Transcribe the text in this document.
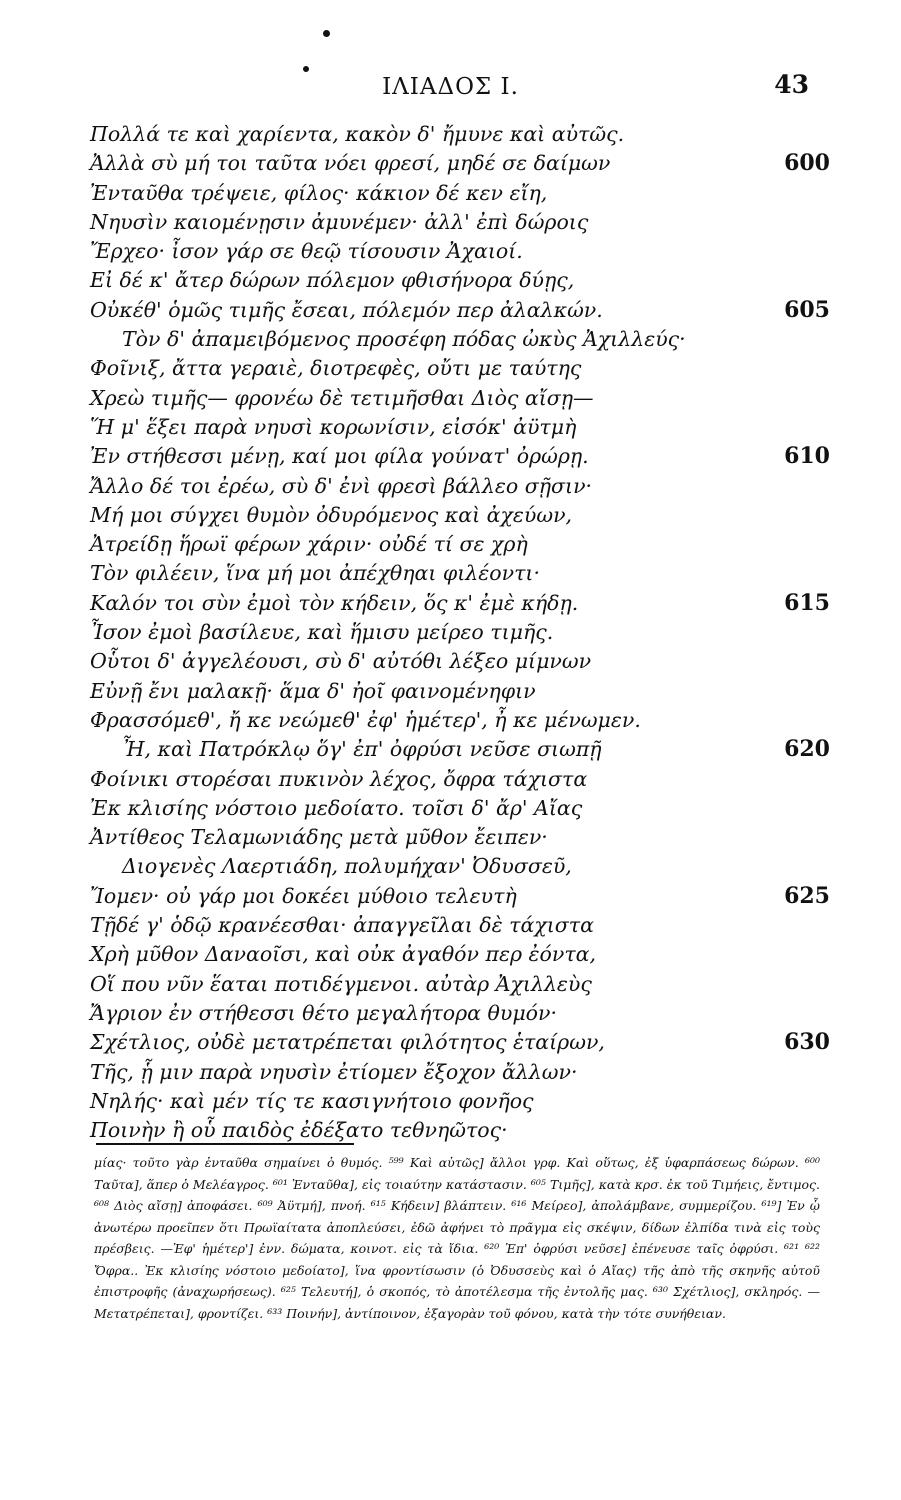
ΙΛΙΑΔΟΣ Ι.	43
Πολλά τε καὶ χαρίεντα, κακὸν δ' ἤμυνε καὶ αὐτῶς.
Ἀλλὰ σὺ μή τοι ταῦτα νόει φρεσί, μηδέ σε δαίμων	600
Ἐνταῦθα τρέψειε, φίλος· κάκιον δέ κεν εἴη,
Νηυσὶν καιομένῃσιν ἀμυνέμεν· ἀλλ' ἐπὶ δώροις
Ἔρχεο· ἶσον γάρ σε θεῷ τίσουσιν Ἀχαιοί.
Εἰ δέ κ' ἄτερ δώρων πόλεμον φθισήνορα δύῃς,
Οὐκέθ' ὁμῶς τιμῆς ἔσεαι, πόλεμόν περ ἀλαλκών.	605
Τὸν δ' ἀπαμειβόμενος προσέφη πόδας ὠκὺς Ἀχιλλεύς·
Φοῖνιξ, ἄττα γεραιὲ, διοτρεφὲς, οὔτι με ταύτης
Χρεὼ τιμῆς— φρονέω δὲ τετιμῆσθαι Διὸς αἴσῃ—
Ἥ μ' ἕξει παρὰ νηυσὶ κορωνίσιν, εἰσόκ' ἀϋτμὴ
Ἐν στήθεσσι μένῃ, καί μοι φίλα γούνατ' ὀρώρῃ.	610
Ἄλλο δέ τοι ἐρέω, σὺ δ' ἐνὶ φρεσὶ βάλλεο σῇσιν·
Μή μοι σύγχει θυμὸν ὀδυρόμενος καὶ ἀχεύων,
Ἀτρείδῃ ἥρωϊ φέρων χάριν· οὐδέ τί σε χρὴ
Τὸν φιλέειν, ἵνα μή μοι ἀπέχθηαι φιλέοντι·
Καλόν τοι σὺν ἐμοὶ τὸν κήδειν, ὅς κ' ἐμὲ κήδῃ.	615
Ἶσον ἐμοὶ βασίλευε, καὶ ἥμισυ μείρεο τιμῆς.
Οὗτοι δ' ἀγγελέουσι, σὺ δ' αὐτόθι λέξεο μίμνων
Εὐνῇ ἔνι μαλακῇ· ἅμα δ' ἠοῖ φαινομένηφιν
Φρασσόμεθ', ἤ κε νεώμεθ' ἐφ' ἡμέτερ', ἦ κε μένωμεν.
Ἦ, καὶ Πατρόκλῳ ὅγ' ἐπ' ὀφρύσι νεῦσε σιωπῇ	620
Φοίνικι στορέσαι πυκινὸν λέχος, ὄφρα τάχιστα
Ἐκ κλισίης νόστοιο μεδοίατο. τοῖσι δ' ἄρ' Αἴας
Ἀντίθεος Τελαμωνιάδης μετὰ μῦθον ἔειπεν·
Διογενὲς Λαερτιάδη, πολυμήχαν' Ὀδυσσεῦ,
Ἴομεν· οὐ γάρ μοι δοκέει μύθοιο τελευτὴ	625
Τῇδέ γ' ὁδῷ κρανέεσθαι· ἀπαγγεῖλαι δὲ τάχιστα
Χρὴ μῦθον Δαναοῖσι, καὶ οὐκ ἀγαθόν περ ἐόντα,
Οἵ που νῦν ἕαται ποτιδέγμενοι. αὐτὰρ Ἀχιλλεὺς
Ἄγριον ἐν στήθεσσι θέτο μεγαλήτορα θυμόν·
Σχέτλιος, οὐδὲ μετατρέπεται φιλότητος ἑταίρων,	630
Τῆς, ᾗ μιν παρὰ νηυσὶν ἐτίομεν ἔξοχον ἄλλων·
Νηλής· καὶ μέν τίς τε κασιγνήτοιο φονῆος
Ποινὴν ἢ οὗ παιδὸς ἐδέξατο τεθνηῶτος·
μίας· τοῦτο γὰρ ἐνταῦθα σημαίνει ὁ θυμός. ⁵⁹⁹ Καὶ αὐτῶς] ἄλλοι γρφ. Καὶ οὕτως, ἐξ ὑφαρπάσεως δώρων. ⁶⁰⁰ Ταῦτα], ἅπερ ὁ Μελέαγρος. ⁶⁰¹ Ἐνταῦθα], εἰς τοιαύτην κατάστασιν. ⁶⁰⁵ Τιμῆς], κατὰ κρσ. ἐκ τοῦ Τιμήεις, ἔντιμος. ⁶⁰⁸ Διὸς αἴσῃ] ἀποφάσει. ⁶⁰⁹ Ἀϋτμή], πνοή. ⁶¹⁵ Κήδειν] βλάπτειν. ⁶¹⁶ Μείρεο], ἀπολάμβανε, συμμερίζου. ⁶¹⁹] Ἐν ᾧ ἀνωτέρω προεῖπεν ὅτι Πρωϊαίτατα ἀποπλεύσει, ἐδῶ ἀφήνει τὸ πρᾶγμα εἰς σκέψιν, δίδων ἐλπίδα τινὰ εἰς τοὺς πρέσβεις. —Ἐφ' ἡμέτερ'] ἐνν. δώματα, κοινοτ. εἰς τὰ ἴδια. ⁶²⁰ Ἐπ' ὀφρύσι νεῦσε] ἐπένευσε ταῖς ὀφρύσι. ⁶²¹ ⁶²² Ὄφρα.. Ἐκ κλισίης νόστοιο μεδοίατο], ἵνα φροντίσωσιν (ὁ Ὀδυσσεὺς καὶ ὁ Αἴας) τῆς ἀπὸ τῆς σκηνῆς αὐτοῦ ἐπιστροφῆς (ἀναχωρήσεως). ⁶²⁵ Τελευτή], ὁ σκοπός, τὸ ἀποτέλεσμα τῆς ἐντολῆς μας. ⁶³⁰ Σχέτλιος], σκληρός. — Μετατρέπεται], φροντίζει. ⁶³³ Ποινήν], ἀντίποινον, ἐξαγορὰν τοῦ φόνου, κατὰ τὴν τότε συνήθειαν.
